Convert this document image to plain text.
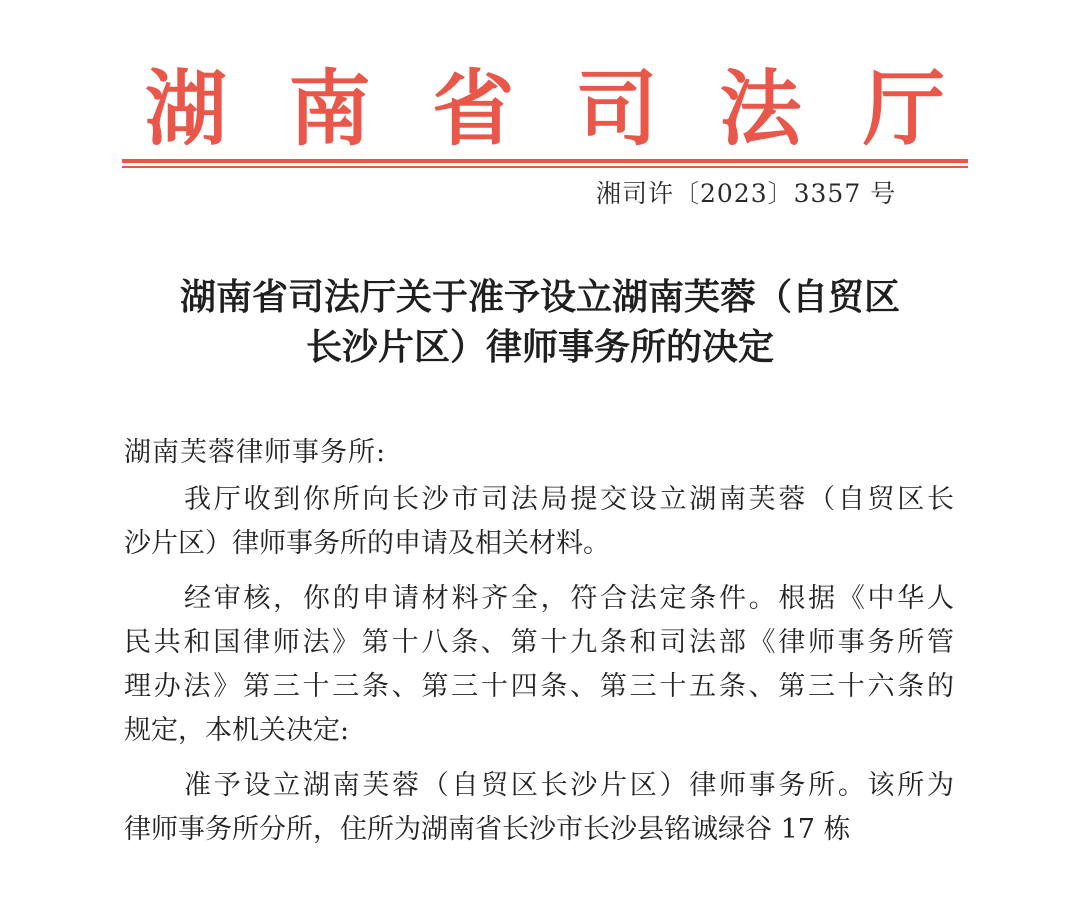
湖 南 省 司 法 厅
湘司许〔2023〕3357 号
湖南省司法厅关于准予设立湖南芙蓉（自贸区
长沙片区）律师事务所的决定
湖南芙蓉律师事务所:
我厅收到你所向长沙市司法局提交设立湖南芙蓉（自贸区长
沙片区）律师事务所的申请及相关材料。
经审核，你的申请材料齐全，符合法定条件。根据《中华人
民共和国律师法》第十八条、第十九条和司法部《律师事务所管
理办法》第三十三条、第三十四条、第三十五条、第三十六条的
规定，本机关决定:
准予设立湖南芙蓉（自贸区长沙片区）律师事务所。该所为
律师事务所分所，住所为湖南省长沙市长沙县铭诚绿谷 17 栋
